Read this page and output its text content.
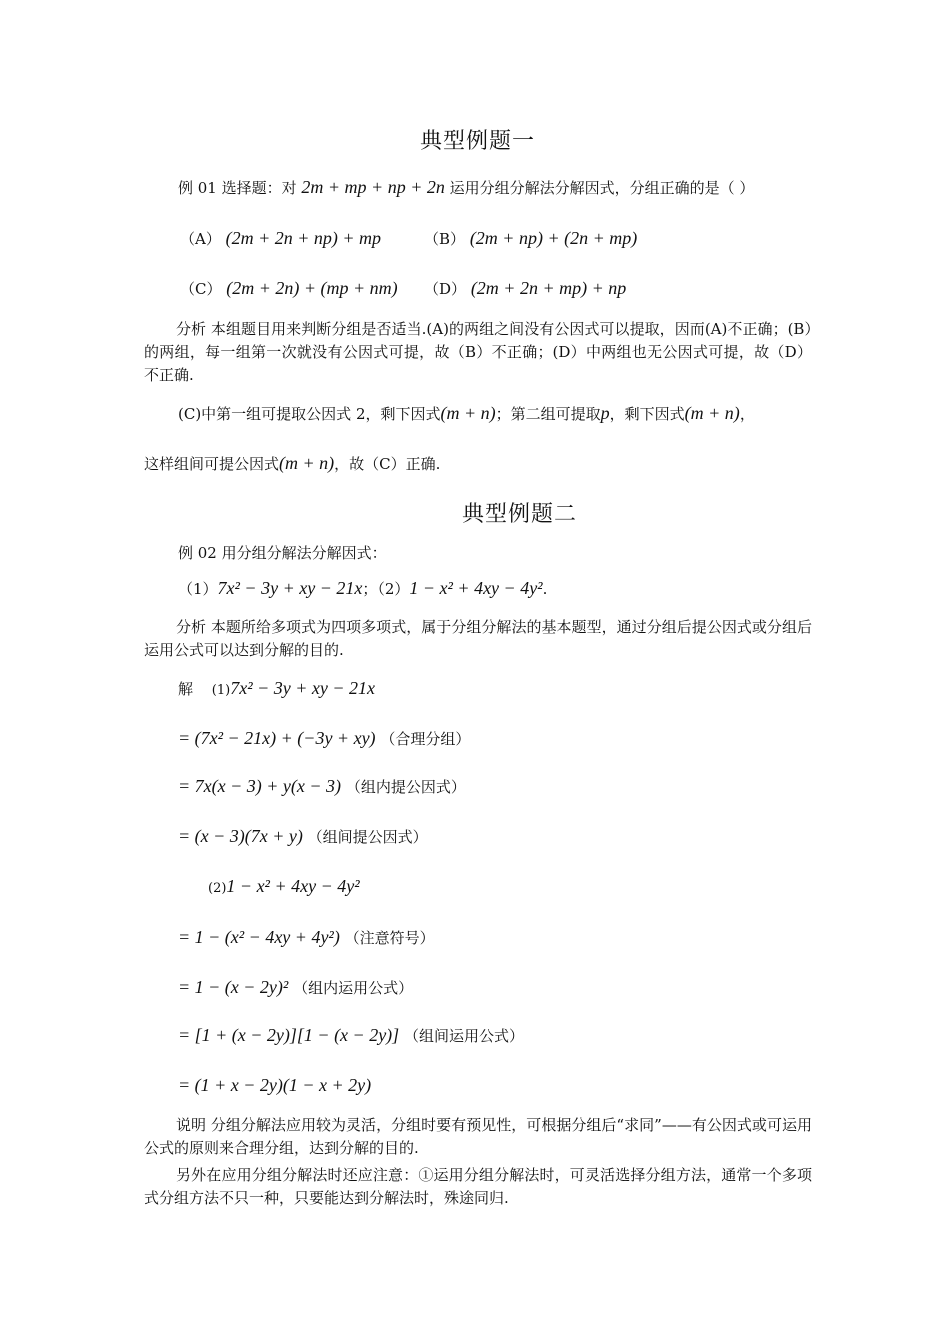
典型例题一
例 01 选择题：对 2m + mp + np + 2n 运用分组分解法分解因式，分组正确的是（ ）
（A） (2m + 2n + np) + mp	（B） (2m + np) + (2n + mp)
（C） (2m + 2n) + (mp + nm) （D） (2m + 2n + mp) + np
分析 本组题目用来判断分组是否适当.(A)的两组之间没有公因式可以提取，因而(A)不正确；(B）的两组，每一组第一次就没有公因式可提，故（B）不正确；(D）中两组也无公因式可提，故（D）不正确.
(C)中第一组可提取公因式 2，剩下因式(m + n)；第二组可提取p，剩下因式(m + n)，
这样组间可提公因式(m + n)，故（C）正确.
典型例题二
例 02 用分组分解法分解因式：
（1）7x² − 3y + xy − 21x；（2）1 − x² + 4xy − 4y².
分析 本题所给多项式为四项多项式，属于分组分解法的基本题型，通过分组后提公因式或分组后运用公式可以达到分解的目的.
解 (1)7x² − 3y + xy − 21x
= (7x² − 21x) + (−3y + xy) （合理分组）
= 7x(x − 3) + y(x − 3) （组内提公因式）
= (x − 3)(7x + y) （组间提公因式）
(2)1 − x² + 4xy − 4y²
= 1 − (x² − 4xy + 4y²) （注意符号）
= 1 − (x − 2y)² （组内运用公式）
= [1 + (x − 2y)][1 − (x − 2y)] （组间运用公式）
= (1 + x − 2y)(1 − x + 2y)
说明 分组分解法应用较为灵活，分组时要有预见性，可根据分组后“求同”——有公因式或可运用公式的原则来合理分组，达到分解的目的.
另外在应用分组分解法时还应注意：①运用分组分解法时，可灵活选择分组方法，通常一个多项式分组方法不只一种，只要能达到分解法时，殊途同归.
